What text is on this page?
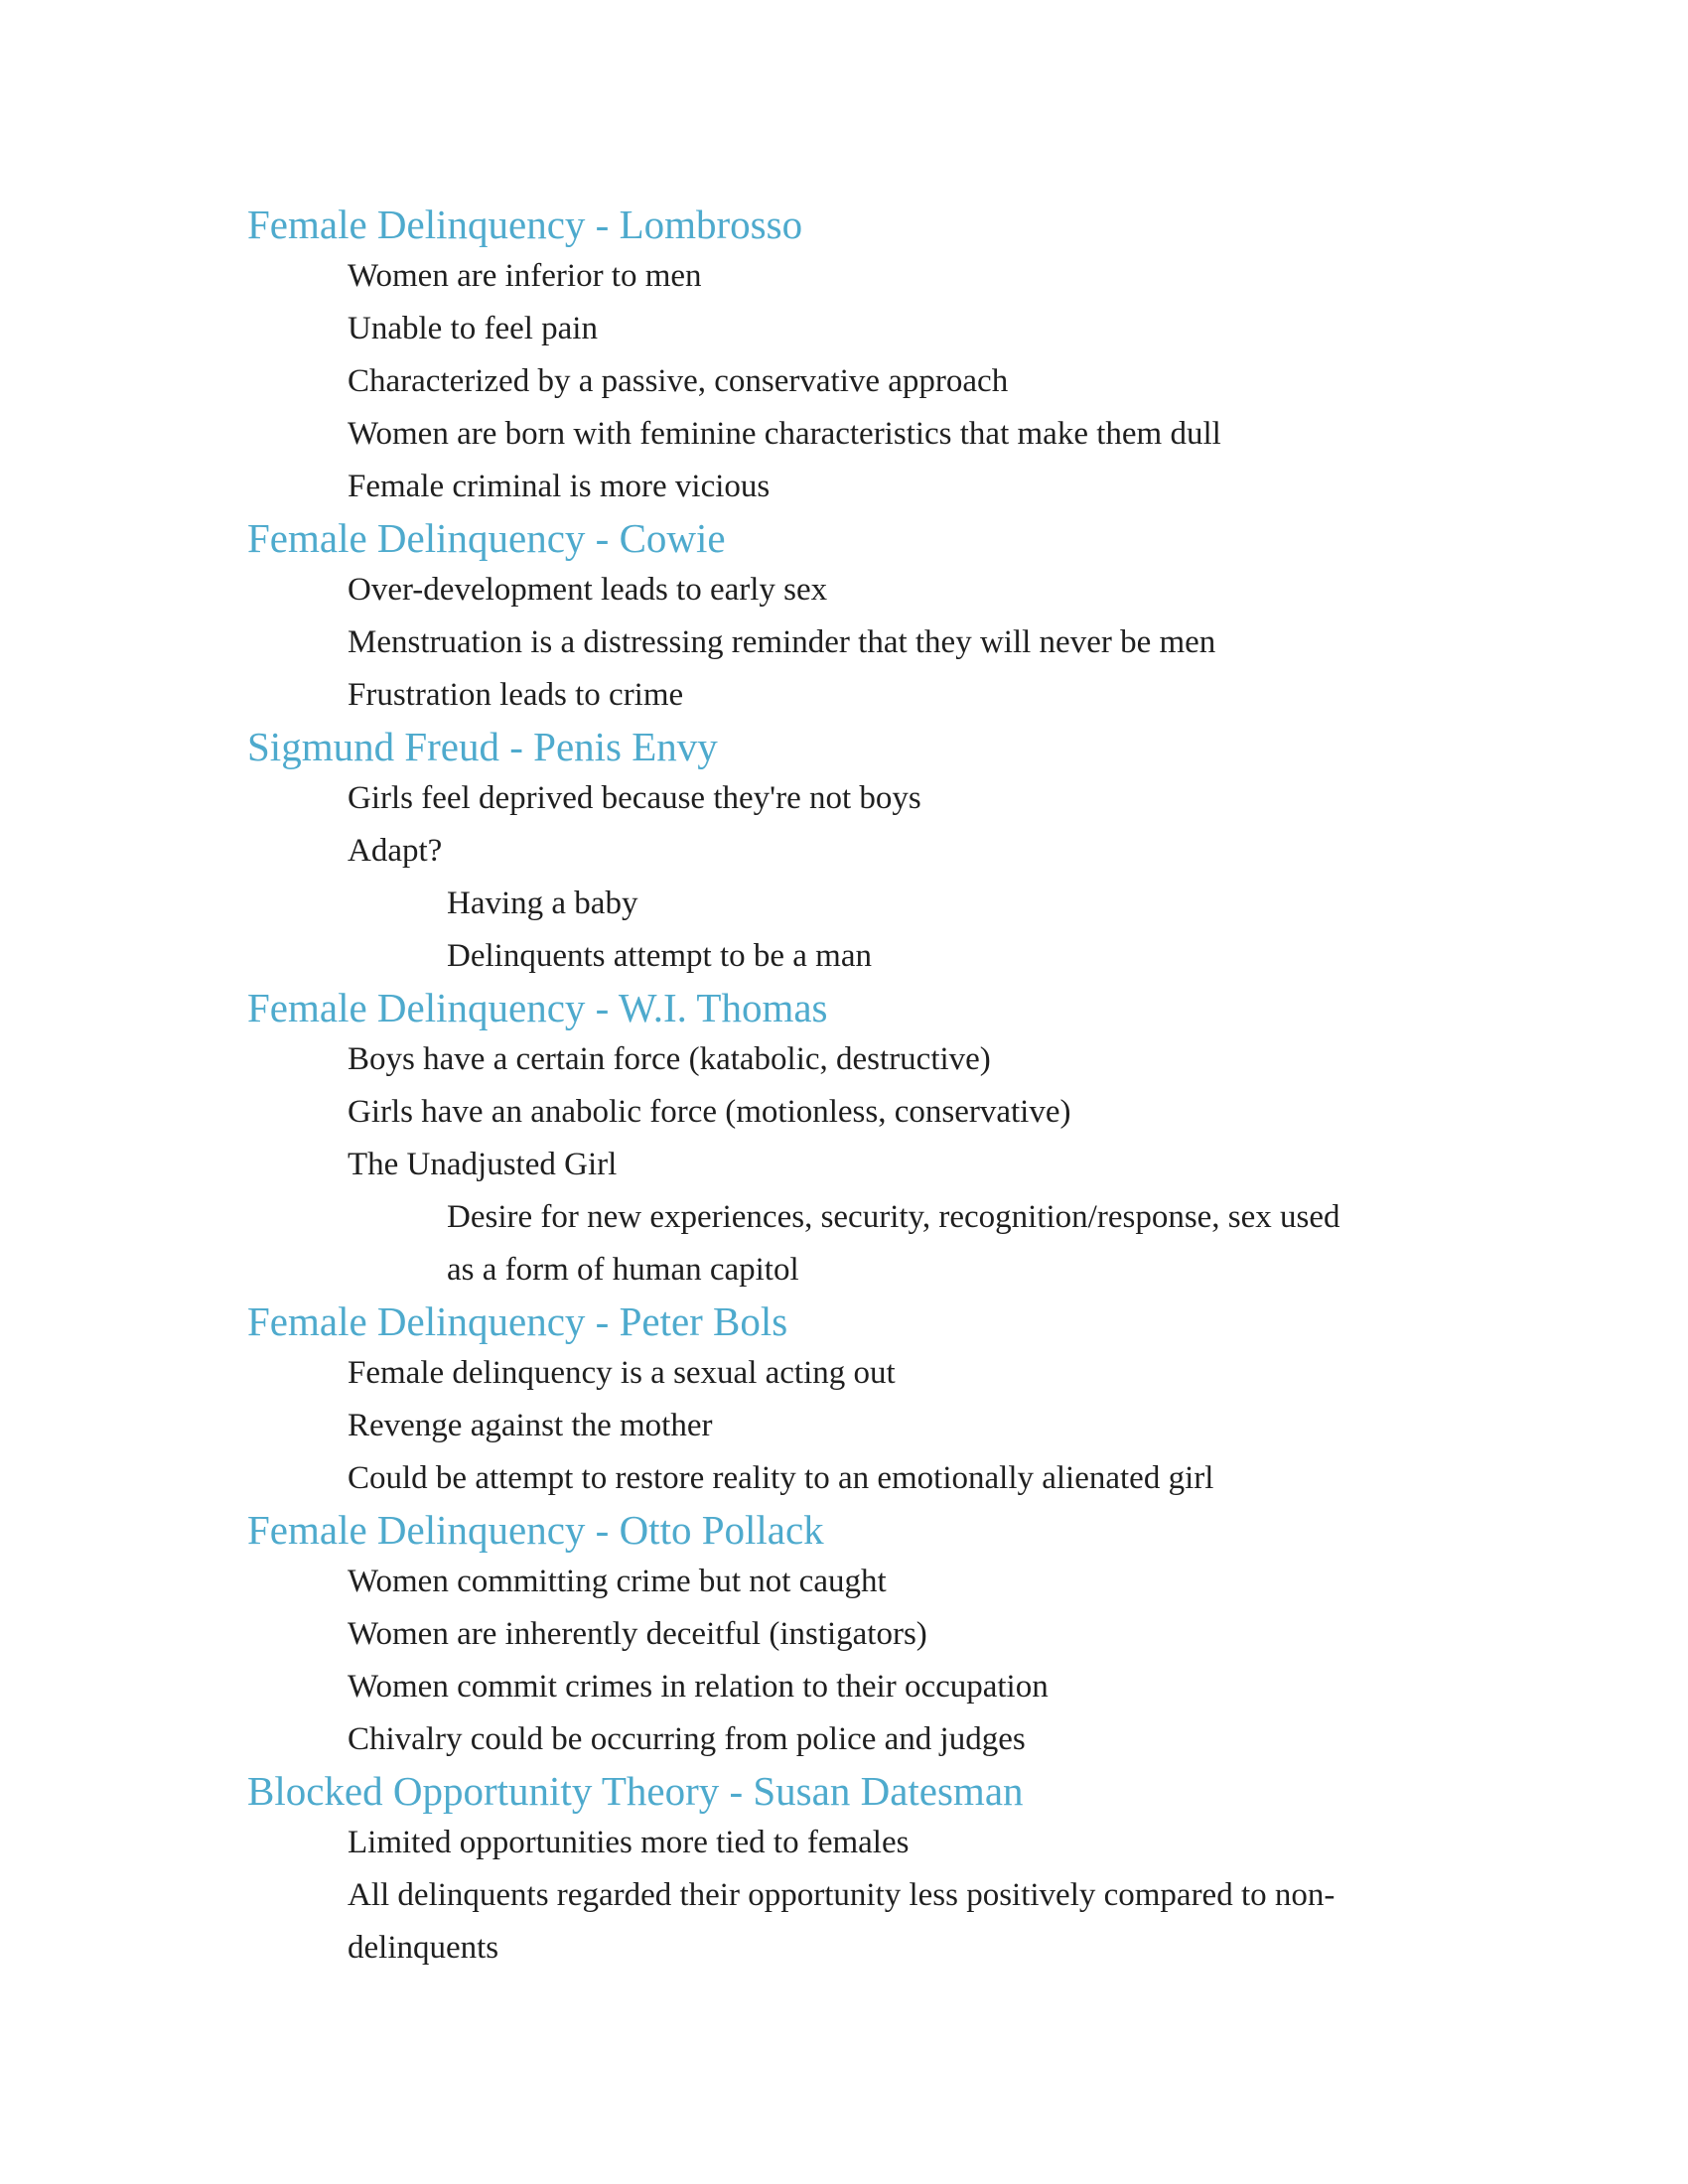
Female Delinquency - Lombrosso

Women are inferior to men

Unable to feel pain

Characterized by a passive, conservative approach

Women are born with feminine characteristics that make them dull

Female criminal is more vicious

Female Delinquency - Cowie

Over-development leads to early sex

Menstruation is a distressing reminder that they will never be men

Frustration leads to crime

Sigmund Freud - Penis Envy

Girls feel deprived because they're not boys

Adapt?

Having a baby

Delinquents attempt to be a man

Female Delinquency - W.I. Thomas

Boys have a certain force (katabolic, destructive)

Girls have an anabolic force (motionless, conservative)

The Unadjusted Girl

Desire for new experiences, security, recognition/response, sex used

as a form of human capitol

Female Delinquency - Peter Bols

Female delinquency is a sexual acting out

Revenge against the mother

Could be attempt to restore reality to an emotionally alienated girl

Female Delinquency - Otto Pollack

Women committing crime but not caught

Women are inherently deceitful (instigators)

Women commit crimes in relation to their occupation

Chivalry could be occurring from police and judges

Blocked Opportunity Theory - Susan Datesman

Limited opportunities more tied to females

All delinquents regarded their opportunity less positively compared to non-

delinquents
